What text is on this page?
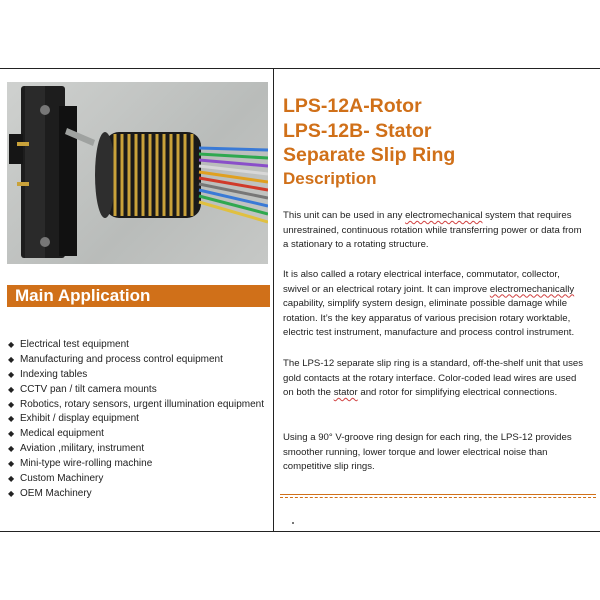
Main Application
◆ Electrical test equipment
◆ Manufacturing and process control equipment
◆ Indexing tables
◆ CCTV pan / tilt camera mounts
◆ Robotics, rotary sensors, urgent illumination equipment
◆ Exhibit / display equipment
◆ Medical equipment
◆ Aviation ,military, instrument
◆ Mini-type wire-rolling machine
◆ Custom Machinery
◆ OEM Machinery
LPS-12A-Rotor
LPS-12B- Stator
Separate Slip Ring
Description

This unit can be used in any electromechanical system that requires unrestrained, continuous rotation while transferring power or data from a stationary to a rotating structure.

It is also called a rotary electrical interface, commutator, collector, swivel or an electrical rotary joint. It can improve electromechanically capability, simplify system design, eliminate possible damage while rotation. It’s the key apparatus of various precision rotary worktable, electric test instrument, manufacture and process control instrument.

The LPS-12 separate slip ring is a standard, off-the-shelf unit that uses gold contacts at the rotary interface. Color-coded lead wires are used on both the stator and rotor for simplifying electrical connections.

Using a 90° V-groove ring design for each ring, the LPS-12 provides smoother running, lower torque and lower electrical noise than competitive slip rings.
